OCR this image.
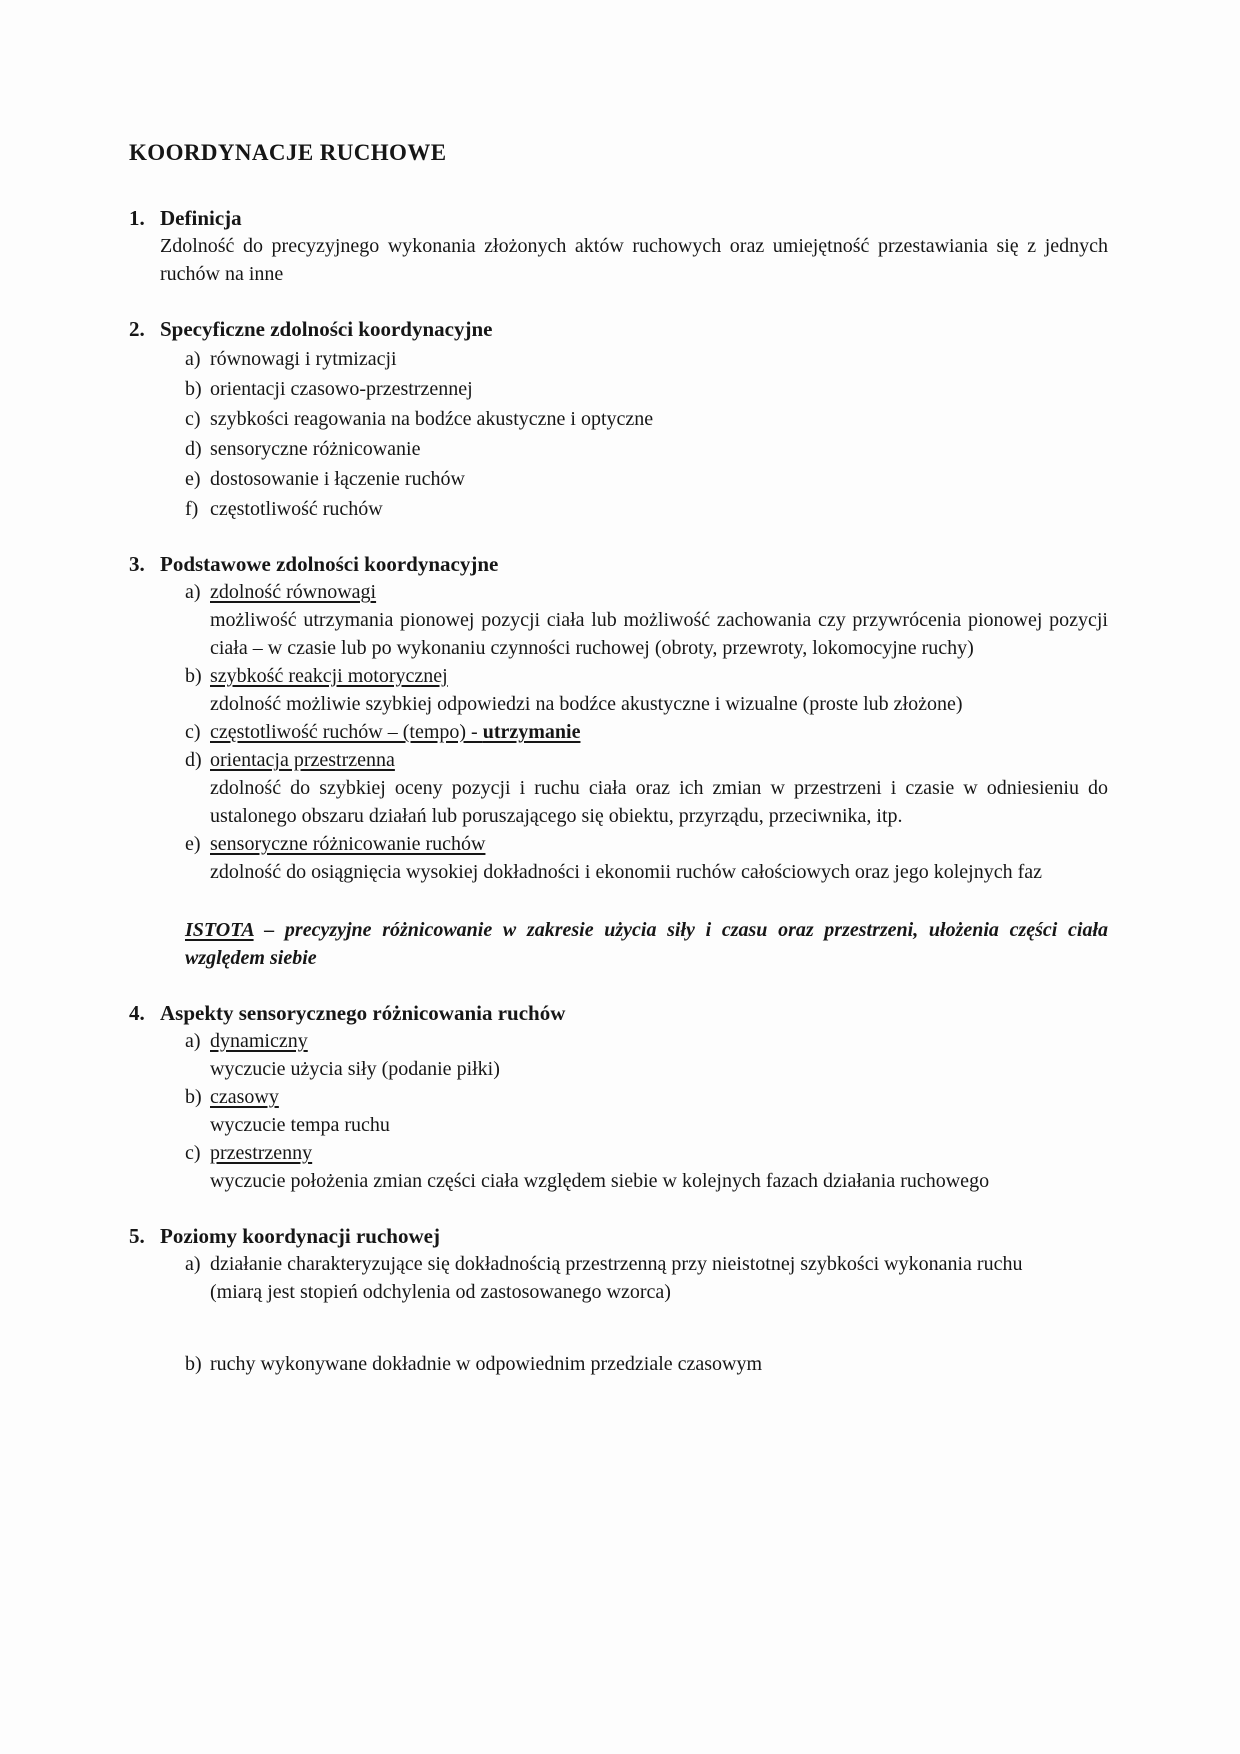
KOORDYNACJE RUCHOWE
1. Definicja

Zdolność do precyzyjnego wykonania złożonych aktów ruchowych oraz umiejętność przestawiania się z jednych ruchów na inne

2. Specyficzne zdolności koordynacyjne
a) równowagi i rytmizacji
b) orientacji czasowo-przestrzennej
c) szybkości reagowania na bodźce akustyczne i optyczne
d) sensoryczne różnicowanie
e) dostosowanie i łączenie ruchów
f) częstotliwość ruchów
3. Podstawowe zdolności koordynacyjne
a) zdolność równowagi

możliwość utrzymania pionowej pozycji ciała lub możliwość zachowania czy przywrócenia pionowej pozycji ciała – w czasie lub po wykonaniu czynności ruchowej (obroty, przewroty, lokomocyjne ruchy)

b) szybkość reakcji motorycznej

zdolność możliwie szybkiej odpowiedzi na bodźce akustyczne i wizualne (proste lub złożone)

c) częstotliwość ruchów – (tempo) - utrzymanie
d) orientacja przestrzenna

zdolność do szybkiej oceny pozycji i ruchu ciała oraz ich zmian w przestrzeni i czasie w odniesieniu do ustalonego obszaru działań lub poruszającego się obiektu, przyrządu, przeciwnika, itp.

e) sensoryczne różnicowanie ruchów

zdolność do osiągnięcia wysokiej dokładności i ekonomii ruchów całościowych oraz jego kolejnych faz

ISTOTA – precyzyjne różnicowanie w zakresie użycia siły i czasu oraz przestrzeni, ułożenia części ciała względem siebie

4. Aspekty sensorycznego różnicowania ruchów
a) dynamiczny

wyczucie użycia siły (podanie piłki)

b) czasowy

wyczucie tempa ruchu

c) przestrzenny

wyczucie położenia zmian części ciała względem siebie w kolejnych fazach działania ruchowego

5. Poziomy koordynacji ruchowej
a) działanie charakteryzujące się dokładnością przestrzenną przy nieistotnej szybkości wykonania ruchu

(miarą jest stopień odchylenia od zastosowanego wzorca)

b) ruchy wykonywane dokładnie w odpowiednim przedziale czasowym
